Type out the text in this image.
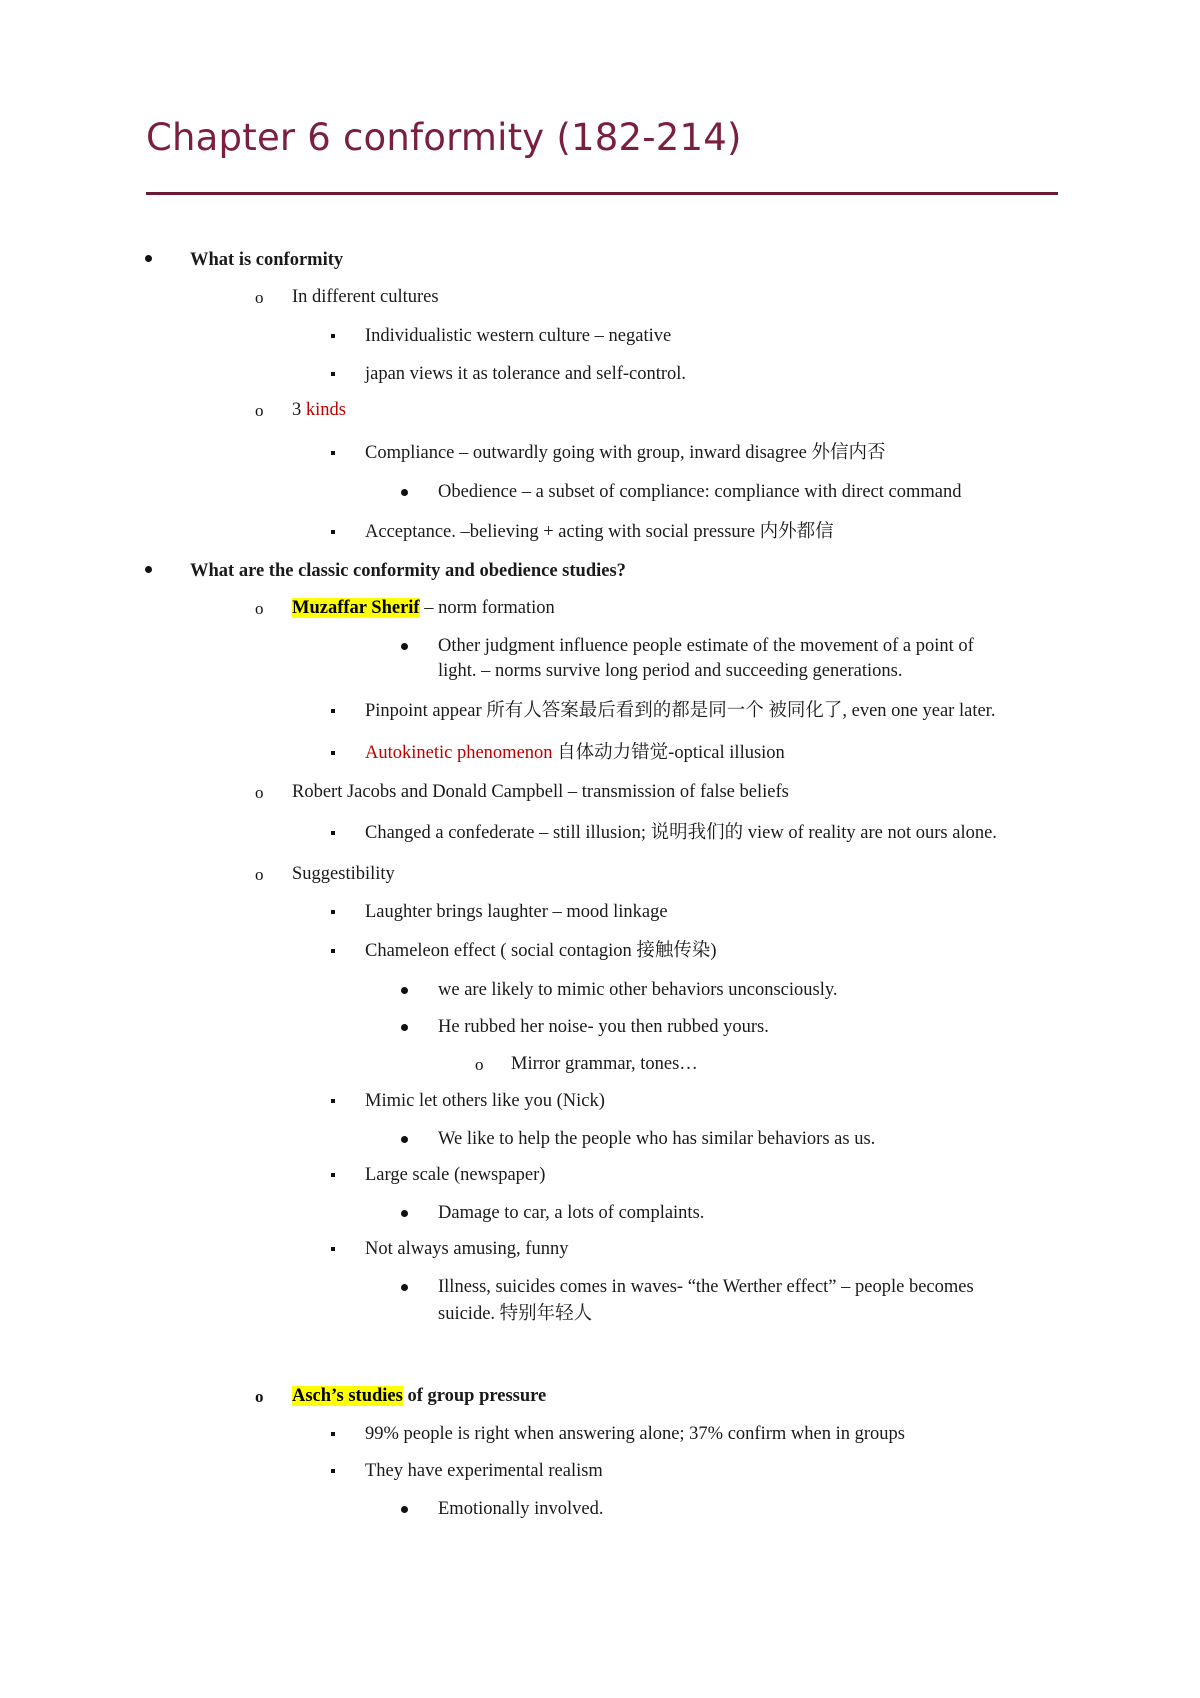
Chapter 6 conformity (182-214)
What is conformity
o In different cultures
Individualistic western culture – negative
japan views it as tolerance and self-control.
o 3 kinds
Compliance – outwardly going with group, inward disagree 外信内否
Obedience – a subset of compliance: compliance with direct command
Acceptance. –believing + acting with social pressure 内外都信
What are the classic conformity and obedience studies?
o Muzaffar Sherif – norm formation
Other judgment influence people estimate of the movement of a point of
light. – norms survive long period and succeeding generations.
Pinpoint appear 所有人答案最后看到的都是同一个 被同化了, even one year later.
Autokinetic phenomenon 自体动力错觉-optical illusion
o Robert Jacobs and Donald Campbell – transmission of false beliefs
Changed a confederate – still illusion; 说明我们的 view of reality are not ours alone.
o Suggestibility
Laughter brings laughter – mood linkage
Chameleon effect ( social contagion 接触传染)
we are likely to mimic other behaviors unconsciously.
He rubbed her noise- you then rubbed yours.
o Mirror grammar, tones…
Mimic let others like you (Nick)
We like to help the people who has similar behaviors as us.
Large scale (newspaper)
Damage to car, a lots of complaints.
Not always amusing, funny
Illness, suicides comes in waves- “the Werther effect” – people becomes
suicide. 特别年轻人
o Asch’s studies of group pressure
99% people is right when answering alone; 37% confirm when in groups
They have experimental realism
Emotionally involved.
